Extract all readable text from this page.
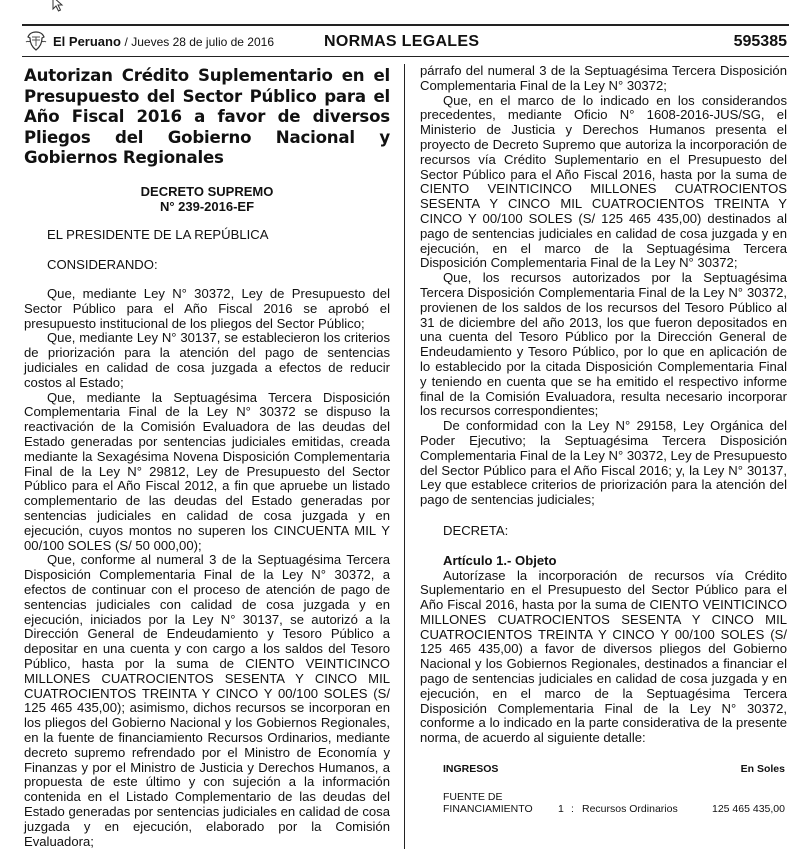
El Peruano / Jueves 28 de julio de 2016	NORMAS LEGALES	595385
Autorizan Crédito Suplementario en el Presupuesto del Sector Público para el Año Fiscal 2016 a favor de diversos Pliegos del Gobierno Nacional y Gobiernos Regionales
DECRETO SUPREMO
N° 239-2016-EF

EL PRESIDENTE DE LA REPÚBLICA

CONSIDERANDO:

Que, mediante Ley N° 30372, Ley de Presupuesto del Sector Público para el Año Fiscal 2016 se aprobó el presupuesto institucional de los pliegos del Sector Público;

Que, mediante Ley N° 30137, se establecieron los criterios de priorización para la atención del pago de sentencias judiciales en calidad de cosa juzgada a efectos de reducir costos al Estado;

Que, mediante la Septuagésima Tercera Disposición Complementaria Final de la Ley N° 30372 se dispuso la reactivación de la Comisión Evaluadora de las deudas del Estado generadas por sentencias judiciales emitidas, creada mediante la Sexagésima Novena Disposición Complementaria Final de la Ley N° 29812, Ley de Presupuesto del Sector Público para el Año Fiscal 2012, a fin que apruebe un listado complementario de las deudas del Estado generadas por sentencias judiciales en calidad de cosa juzgada y en ejecución, cuyos montos no superen los CINCUENTA MIL Y 00/100 SOLES (S/ 50 000,00);

Que, conforme al numeral 3 de la Septuagésima Tercera Disposición Complementaria Final de la Ley N° 30372, a efectos de continuar con el proceso de atención de pago de sentencias judiciales con calidad de cosa juzgada y en ejecución, iniciados por la Ley N° 30137, se autorizó a la Dirección General de Endeudamiento y Tesoro Público a depositar en una cuenta y con cargo a los saldos del Tesoro Público, hasta por la suma de CIENTO VEINTICINCO MILLONES CUATROCIENTOS SESENTA Y CINCO MIL CUATROCIENTOS TREINTA Y CINCO Y 00/100 SOLES (S/ 125 465 435,00); asimismo, dichos recursos se incorporan en los pliegos del Gobierno Nacional y los Gobiernos Regionales, en la fuente de financiamiento Recursos Ordinarios, mediante decreto supremo refrendado por el Ministro de Economía y Finanzas y por el Ministro de Justicia y Derechos Humanos, a propuesta de este último y con sujeción a la información contenida en el Listado Complementario de las deudas del Estado generadas por sentencias judiciales en calidad de cosa juzgada y en ejecución, elaborado por la Comisión Evaluadora;

párrafo del numeral 3 de la Septuagésima Tercera Disposición Complementaria Final de la Ley N° 30372;

Que, en el marco de lo indicado en los considerandos precedentes, mediante Oficio N° 1608-2016-JUS/SG, el Ministerio de Justicia y Derechos Humanos presenta el proyecto de Decreto Supremo que autoriza la incorporación de recursos vía Crédito Suplementario en el Presupuesto del Sector Público para el Año Fiscal 2016, hasta por la suma de CIENTO VEINTICINCO MILLONES CUATROCIENTOS SESENTA Y CINCO MIL CUATROCIENTOS TREINTA Y CINCO Y 00/100 SOLES (S/ 125 465 435,00) destinados al pago de sentencias judiciales en calidad de cosa juzgada y en ejecución, en el marco de la Septuagésima Tercera Disposición Complementaria Final de la Ley N° 30372;

Que, los recursos autorizados por la Septuagésima Tercera Disposición Complementaria Final de la Ley N° 30372, provienen de los saldos de los recursos del Tesoro Público al 31 de diciembre del año 2013, los que fueron depositados en una cuenta del Tesoro Público por la Dirección General de Endeudamiento y Tesoro Público, por lo que en aplicación de lo establecido por la citada Disposición Complementaria Final y teniendo en cuenta que se ha emitido el respectivo informe final de la Comisión Evaluadora, resulta necesario incorporar los recursos correspondientes;

De conformidad con la Ley N° 29158, Ley Orgánica del Poder Ejecutivo; la Septuagésima Tercera Disposición Complementaria Final de la Ley N° 30372, Ley de Presupuesto del Sector Público para el Año Fiscal 2016; y, la Ley N° 30137, Ley que establece criterios de priorización para la atención del pago de sentencias judiciales;

DECRETA:

Artículo 1.- Objeto

Autorízase la incorporación de recursos vía Crédito Suplementario en el Presupuesto del Sector Público para el Año Fiscal 2016, hasta por la suma de CIENTO VEINTICINCO MILLONES CUATROCIENTOS SESENTA Y CINCO MIL CUATROCIENTOS TREINTA Y CINCO Y 00/100 SOLES (S/ 125 465 435,00) a favor de diversos pliegos del Gobierno Nacional y los Gobiernos Regionales, destinados a financiar el pago de sentencias judiciales en calidad de cosa juzgada y en ejecución, en el marco de la Septuagésima Tercera Disposición Complementaria Final de la Ley N° 30372, conforme a lo indicado en la parte considerativa de la presente norma, de acuerdo al siguiente detalle:

INGRESOS	En Soles
FUENTE DE
FINANCIAMIENTO 1 : Recursos Ordinarios	125 465 435,00
